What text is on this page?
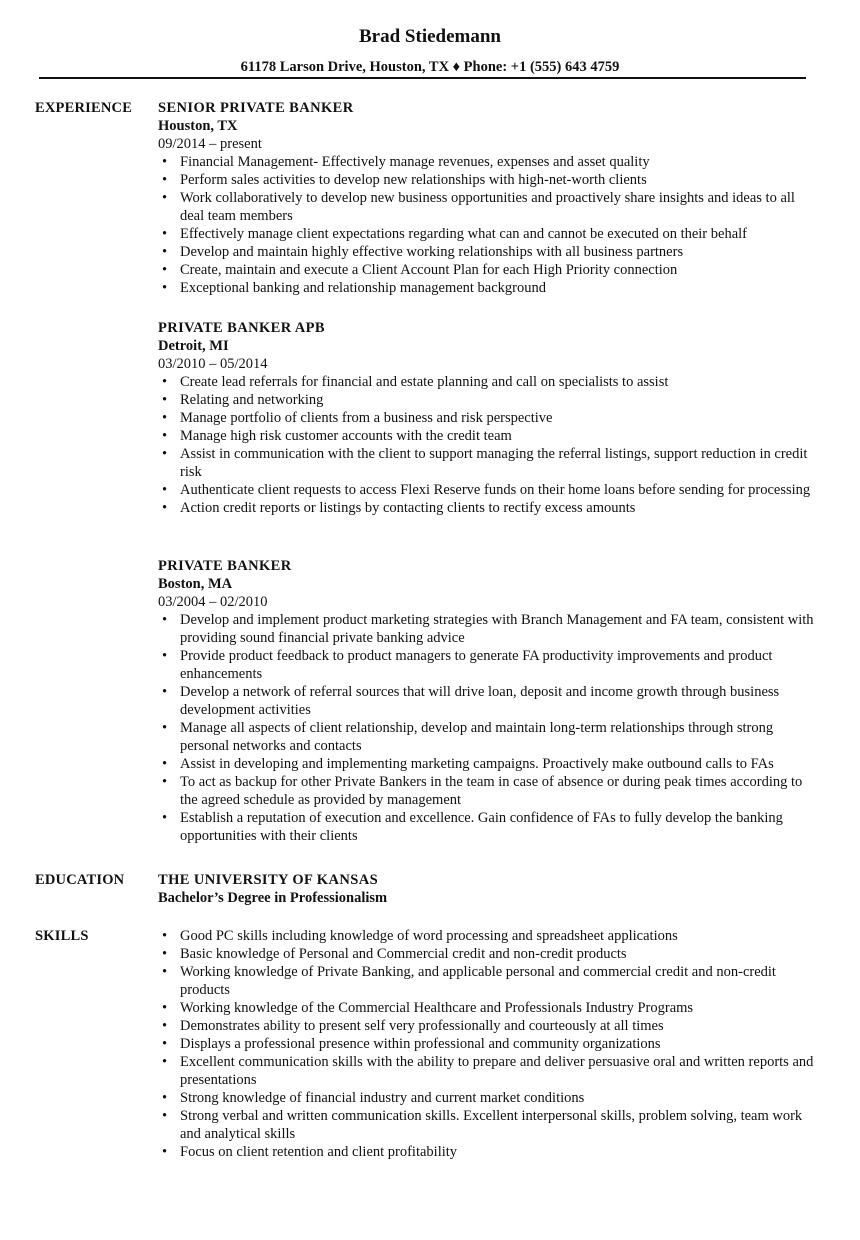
Brad Stiedemann
61178 Larson Drive, Houston, TX ♦ Phone: +1 (555) 643 4759
EXPERIENCE SENIOR PRIVATE BANKER
Houston, TX
09/2014 – present
• Financial Management- Effectively manage revenues, expenses and asset quality
• Perform sales activities to develop new relationships with high-net-worth clients
• Work collaboratively to develop new business opportunities and proactively share insights and ideas to all deal team members
• Effectively manage client expectations regarding what can and cannot be executed on their behalf
• Develop and maintain highly effective working relationships with all business partners
• Create, maintain and execute a Client Account Plan for each High Priority connection
• Exceptional banking and relationship management background
PRIVATE BANKER APB
Detroit, MI
03/2010 – 05/2014
• Create lead referrals for financial and estate planning and call on specialists to assist
• Relating and networking
• Manage portfolio of clients from a business and risk perspective
• Manage high risk customer accounts with the credit team
• Assist in communication with the client to support managing the referral listings, support reduction in credit risk
• Authenticate client requests to access Flexi Reserve funds on their home loans before sending for processing
• Action credit reports or listings by contacting clients to rectify excess amounts
PRIVATE BANKER
Boston, MA
03/2004 – 02/2010
• Develop and implement product marketing strategies with Branch Management and FA team, consistent with providing sound financial private banking advice
• Provide product feedback to product managers to generate FA productivity improvements and product enhancements
• Develop a network of referral sources that will drive loan, deposit and income growth through business development activities
• Manage all aspects of client relationship, develop and maintain long-term relationships through strong personal networks and contacts
• Assist in developing and implementing marketing campaigns. Proactively make outbound calls to FAs
• To act as backup for other Private Bankers in the team in case of absence or during peak times according to the agreed schedule as provided by management
• Establish a reputation of execution and excellence. Gain confidence of FAs to fully develop the banking opportunities with their clients
EDUCATION THE UNIVERSITY OF KANSAS
Bachelor’s Degree in Professionalism
SKILLS
•	Good PC skills including knowledge of word processing and spreadsheet applications
• Basic knowledge of Personal and Commercial credit and non-credit products
• Working knowledge of Private Banking, and applicable personal and commercial credit and non-credit products
• Working knowledge of the Commercial Healthcare and Professionals Industry Programs
• Demonstrates ability to present self very professionally and courteously at all times
• Displays a professional presence within professional and community organizations
• Excellent communication skills with the ability to prepare and deliver persuasive oral and written reports and presentations
• Strong knowledge of financial industry and current market conditions
• Strong verbal and written communication skills. Excellent interpersonal skills, problem solving, team work and analytical skills
• Focus on client retention and client profitability
